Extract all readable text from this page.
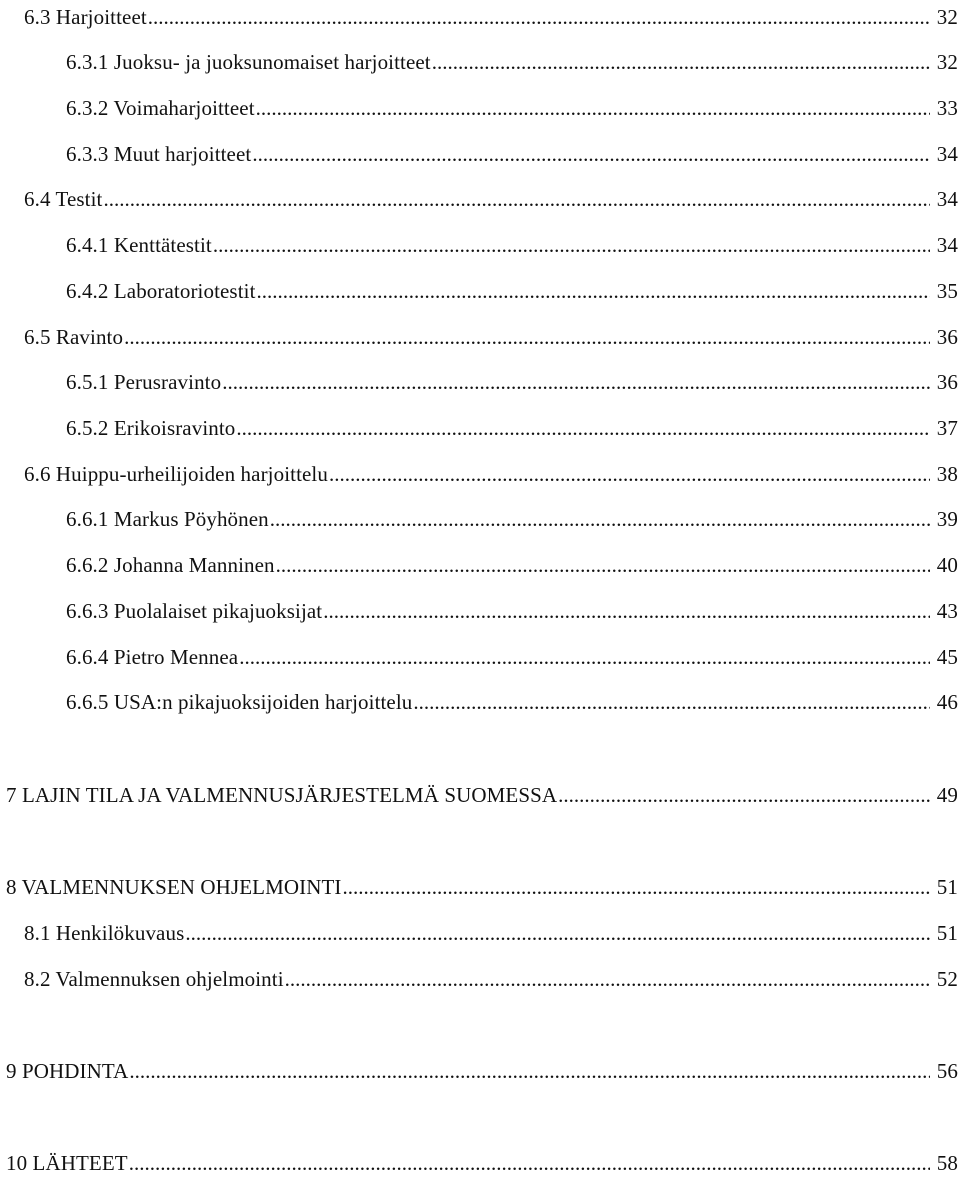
6.3 Harjoitteet .....	32
6.3.1 Juoksu- ja juoksunomaiset harjoitteet .....	32
6.3.2 Voimaharjoitteet .....	33
6.3.3 Muut harjoitteet .....	34
6.4 Testit .....	34
6.4.1 Kenttätestit .....	34
6.4.2 Laboratoriotestit .....	35
6.5 Ravinto .....	36
6.5.1 Perusravinto .....	36
6.5.2 Erikoisravinto .....	37
6.6 Huippu-urheilijoiden harjoittelu .....	38
6.6.1 Markus Pöyhönen .....	39
6.6.2 Johanna Manninen .....	40
6.6.3 Puolalaiset pikajuoksijat .....	43
6.6.4 Pietro Mennea .....	45
6.6.5 USA:n pikajuoksijoiden harjoittelu .....	46
7 LAJIN TILA JA VALMENNUSJÄRJESTELMÄ SUOMESSA .....	49
8 VALMENNUKSEN OHJELMOINTI .....	51
8.1 Henkilökuvaus .....	51
8.2 Valmennuksen ohjelmointi .....	52
9 POHDINTA .....	56
10 LÄHTEET .....	58
